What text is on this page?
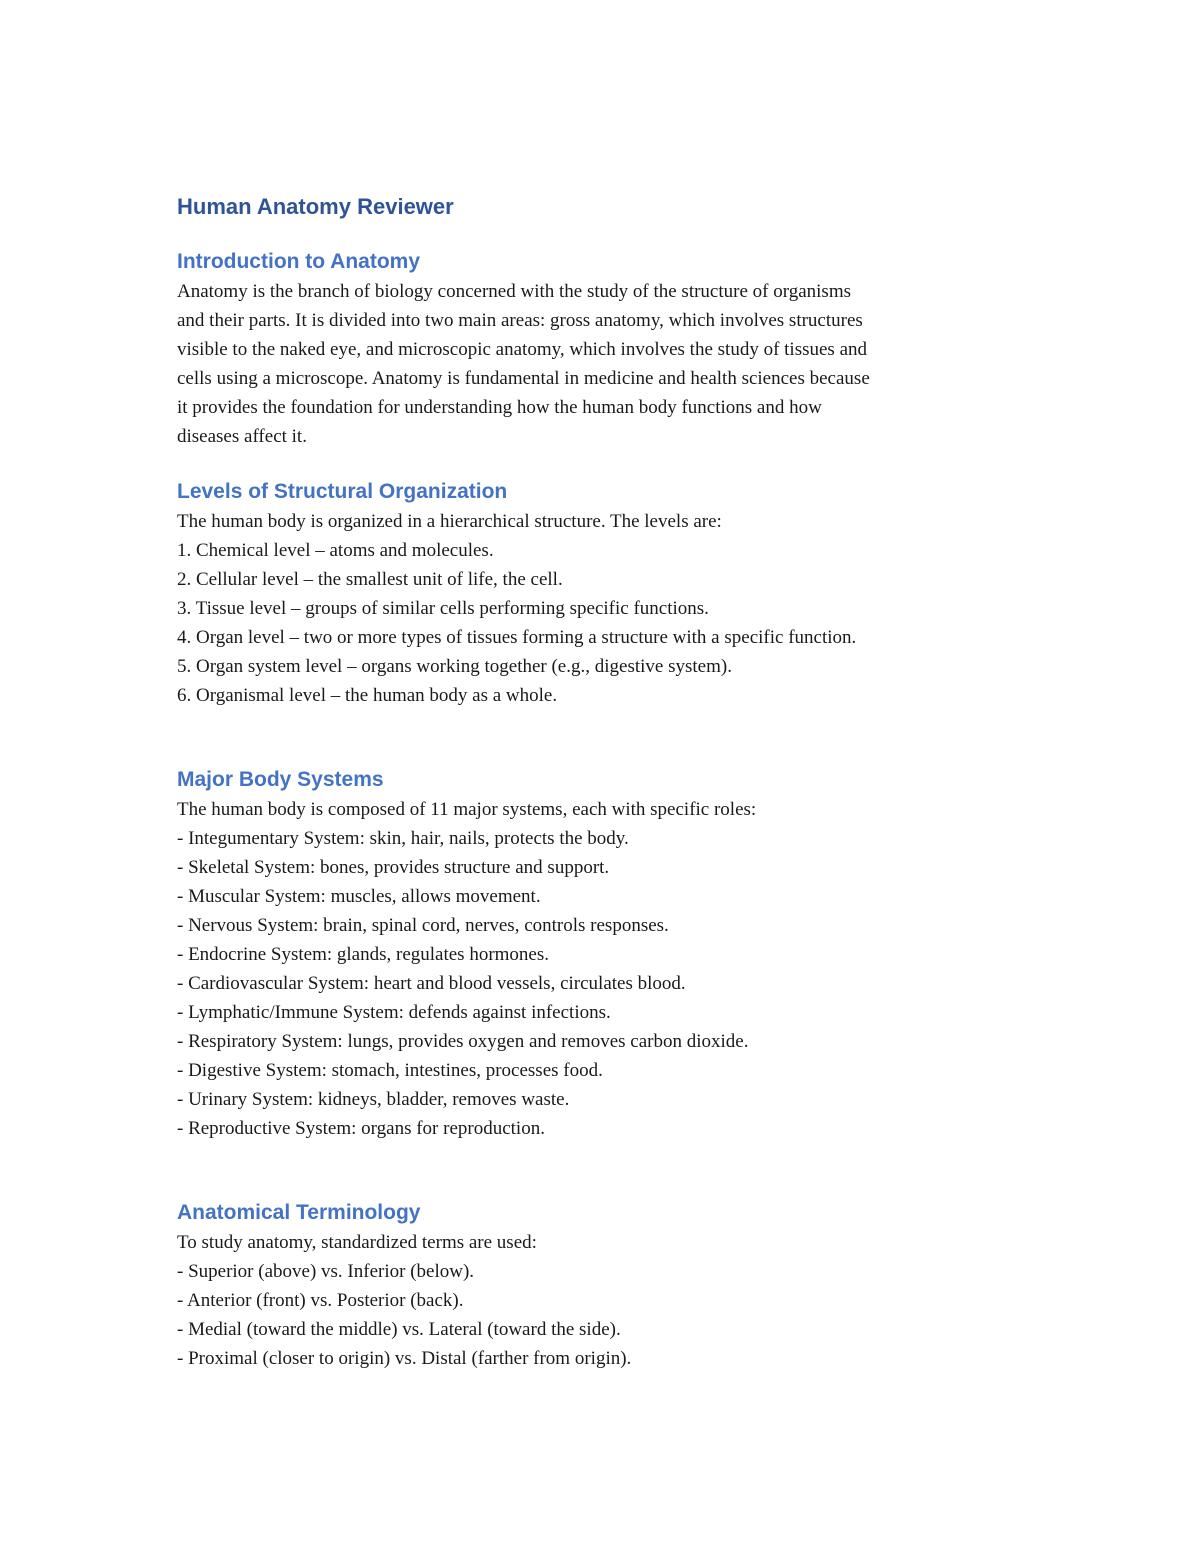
Human Anatomy Reviewer
Introduction to Anatomy

Anatomy is the branch of biology concerned with the study of the structure of organisms

and their parts. It is divided into two main areas: gross anatomy, which involves structures

visible to the naked eye, and microscopic anatomy, which involves the study of tissues and

cells using a microscope. Anatomy is fundamental in medicine and health sciences because

it provides the foundation for understanding how the human body functions and how

diseases affect it.

Levels of Structural Organization

The human body is organized in a hierarchical structure. The levels are:

1. Chemical level – atoms and molecules.

2. Cellular level – the smallest unit of life, the cell.

3. Tissue level – groups of similar cells performing specific functions.

4. Organ level – two or more types of tissues forming a structure with a specific function.

5. Organ system level – organs working together (e.g., digestive system).

6. Organismal level – the human body as a whole.

Major Body Systems

The human body is composed of 11 major systems, each with specific roles:

- Integumentary System: skin, hair, nails, protects the body.

- Skeletal System: bones, provides structure and support.

- Muscular System: muscles, allows movement.

- Nervous System: brain, spinal cord, nerves, controls responses.

- Endocrine System: glands, regulates hormones.

- Cardiovascular System: heart and blood vessels, circulates blood.

- Lymphatic/Immune System: defends against infections.

- Respiratory System: lungs, provides oxygen and removes carbon dioxide.

- Digestive System: stomach, intestines, processes food.

- Urinary System: kidneys, bladder, removes waste.

- Reproductive System: organs for reproduction.

Anatomical Terminology

To study anatomy, standardized terms are used:

- Superior (above) vs. Inferior (below).

- Anterior (front) vs. Posterior (back).

- Medial (toward the middle) vs. Lateral (toward the side).

- Proximal (closer to origin) vs. Distal (farther from origin).
